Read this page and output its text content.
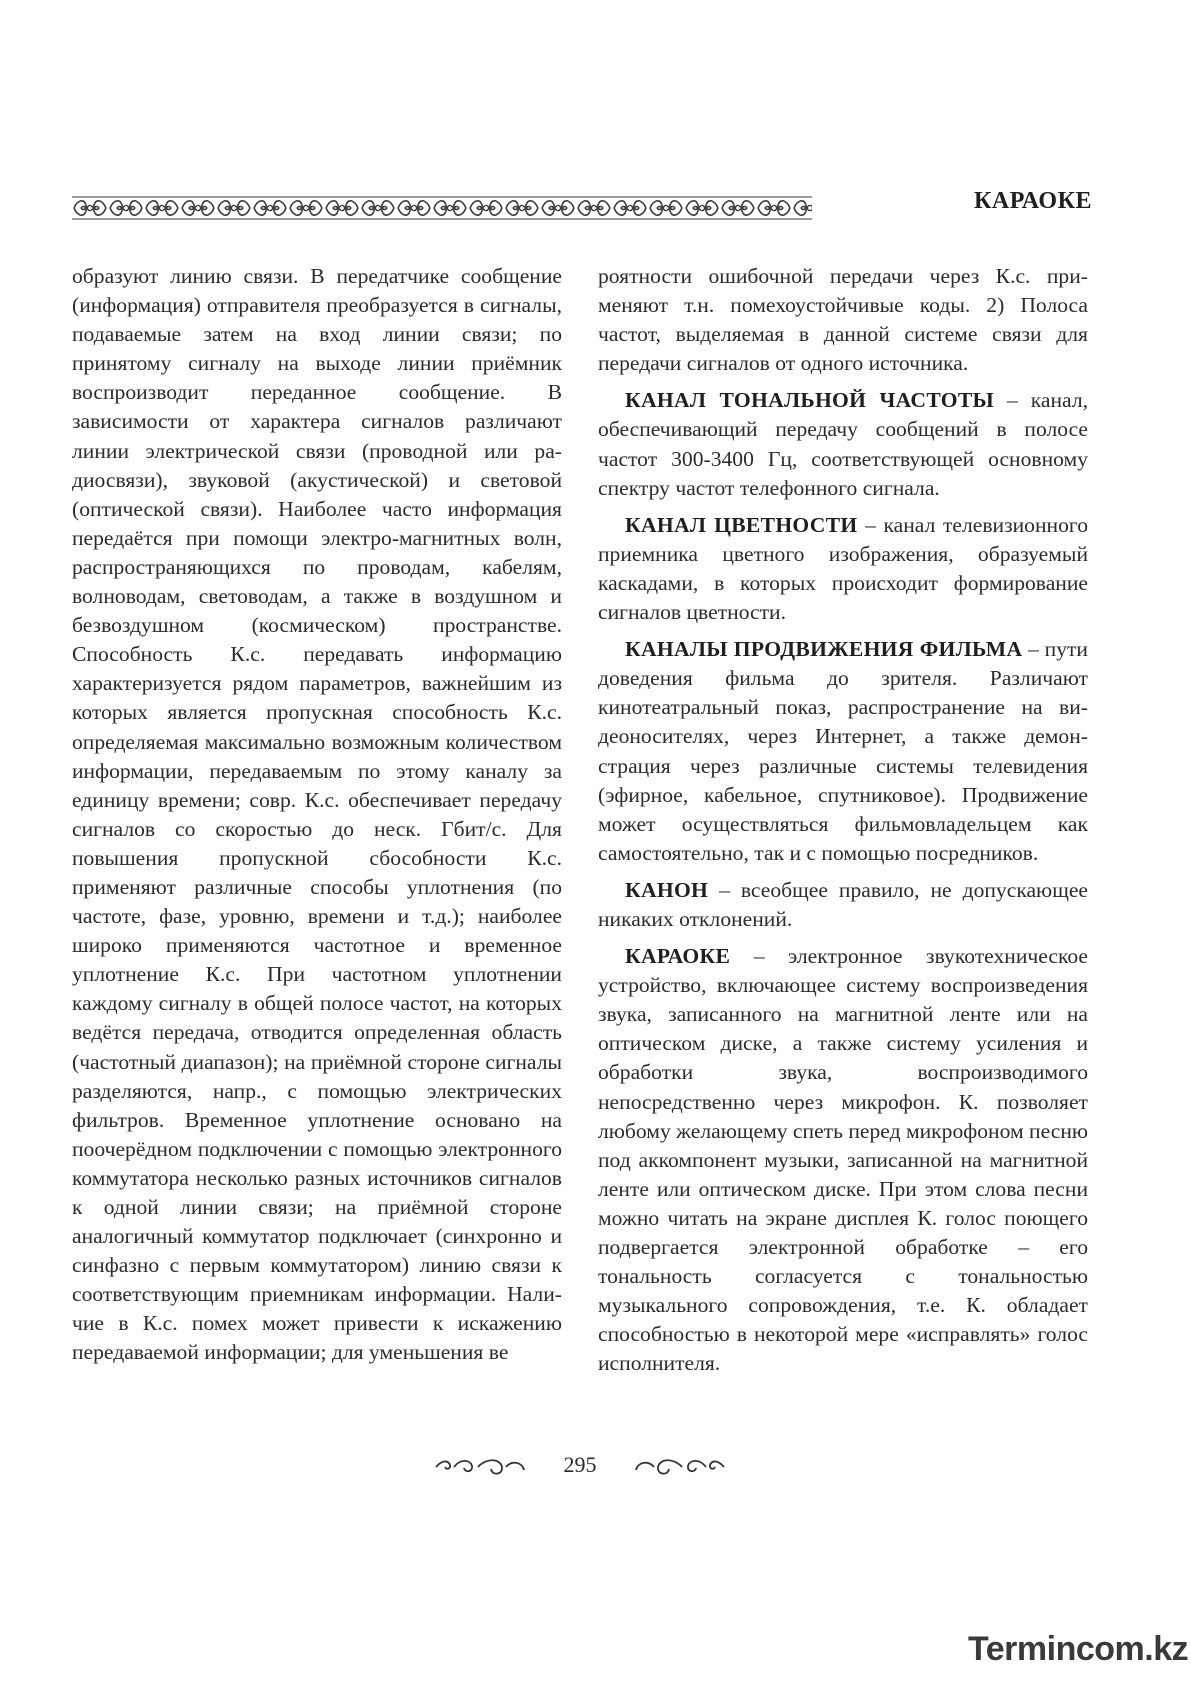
КАРАОКЕ

образуют линию связи. В передатчике сообщение (информация) отправителя преобразуется в сигналы, подаваемые затем на вход линии связи; по принятому сигналу на выходе линии приёмник воспроизводит переданное сообщение. В зависимости от характера сигналов различают линии электрической связи (проводной или радиосвязи), звуковой (акустической) и световой (оптической связи). Наиболее часто информация передаётся при помощи электро-магнитных волн, распространяющихся по проводам, кабелям, волноводам, световодам, а также в воздушном и безвоздушном (космическом) пространстве. Способность К.с. передавать информацию характеризуется рядом параметров, важнейшим из которых является пропускная способность К.с. определяемая максимально возможным количеством информации, передаваемым по этому каналу за единицу времени; совр. К.с. обеспечивает передачу сигналов со скоростью до неск. Гбит/с. Для повышения пропускной сбособности К.с. применяют различные способы уплотнения (по частоте, фазе, уровню, времени и т.д.); наиболее широко применяются частотное и временное уплотнение К.с. При частотном уплотнении каждому сигналу в общей полосе частот, на которых ведётся передача, отводится определенная область (частотный диапазон); на приёмной стороне сигналы разделяются, напр., с помощью электрических фильтров. Временное уплотнение основано на поочерёдном подключении с помощью электронного коммутатора несколько разных источников сигналов к одной линии связи; на приёмной стороне аналогичный коммутатор подключает (синхронно и синфазно с первым коммутатором) линию связи к соответствующим приемникам информации. Наличие в К.с. помех может привести к искажению передаваемой информации; для уменьшения ве

роятности ошибочной передачи через К.с. применяют т.н. помехоустойчивые коды. 2) Полоса частот, выделяемая в данной системе связи для передачи сигналов от одного источника.

КАНАЛ ТОНАЛЬНОЙ ЧАСТОТЫ – канал, обеспечивающий передачу сообщений в полосе частот 300-3400 Гц, соответствующей основному спектру частот телефонного сигнала.

КАНАЛ ЦВЕТНОСТИ – канал телевизионного приемника цветного изображения, образуемый каскадами, в которых происходит формирование сигналов цветности.

КАНАЛЫ ПРОДВИЖЕНИЯ ФИЛЬМА – пути доведения фильма до зрителя. Различают кинотеатральный показ, распространение на видеоносителях, через Интернет, а также демонстрация через различные системы телевидения (эфирное, кабельное, спутниковое). Продвижение может осуществляться фильмовладельцем как самостоятельно, так и с помощью посредников.

КАНОН – всеобщее правило, не допускающее никаких отклонений.

КАРАОКЕ – электронное звукотехническое устройство, включающее систему воспроизведения звука, записанного на магнитной ленте или на оптическом диске, а также систему усиления и обработки звука, воспроизводимого непосредственно через микрофон. К. позволяет любому желающему спеть перед микрофоном песню под аккомпонент музыки, записанной на магнитной ленте или оптическом диске. При этом слова песни можно читать на экране дисплея К. голос поющего подвергается электронной обработке – его тональность согласуется с тональностью музыкального сопровождения, т.е. К. обладает способностью в некоторой мере «исправлять» голос исполнителя.

295
Termincom.kz
